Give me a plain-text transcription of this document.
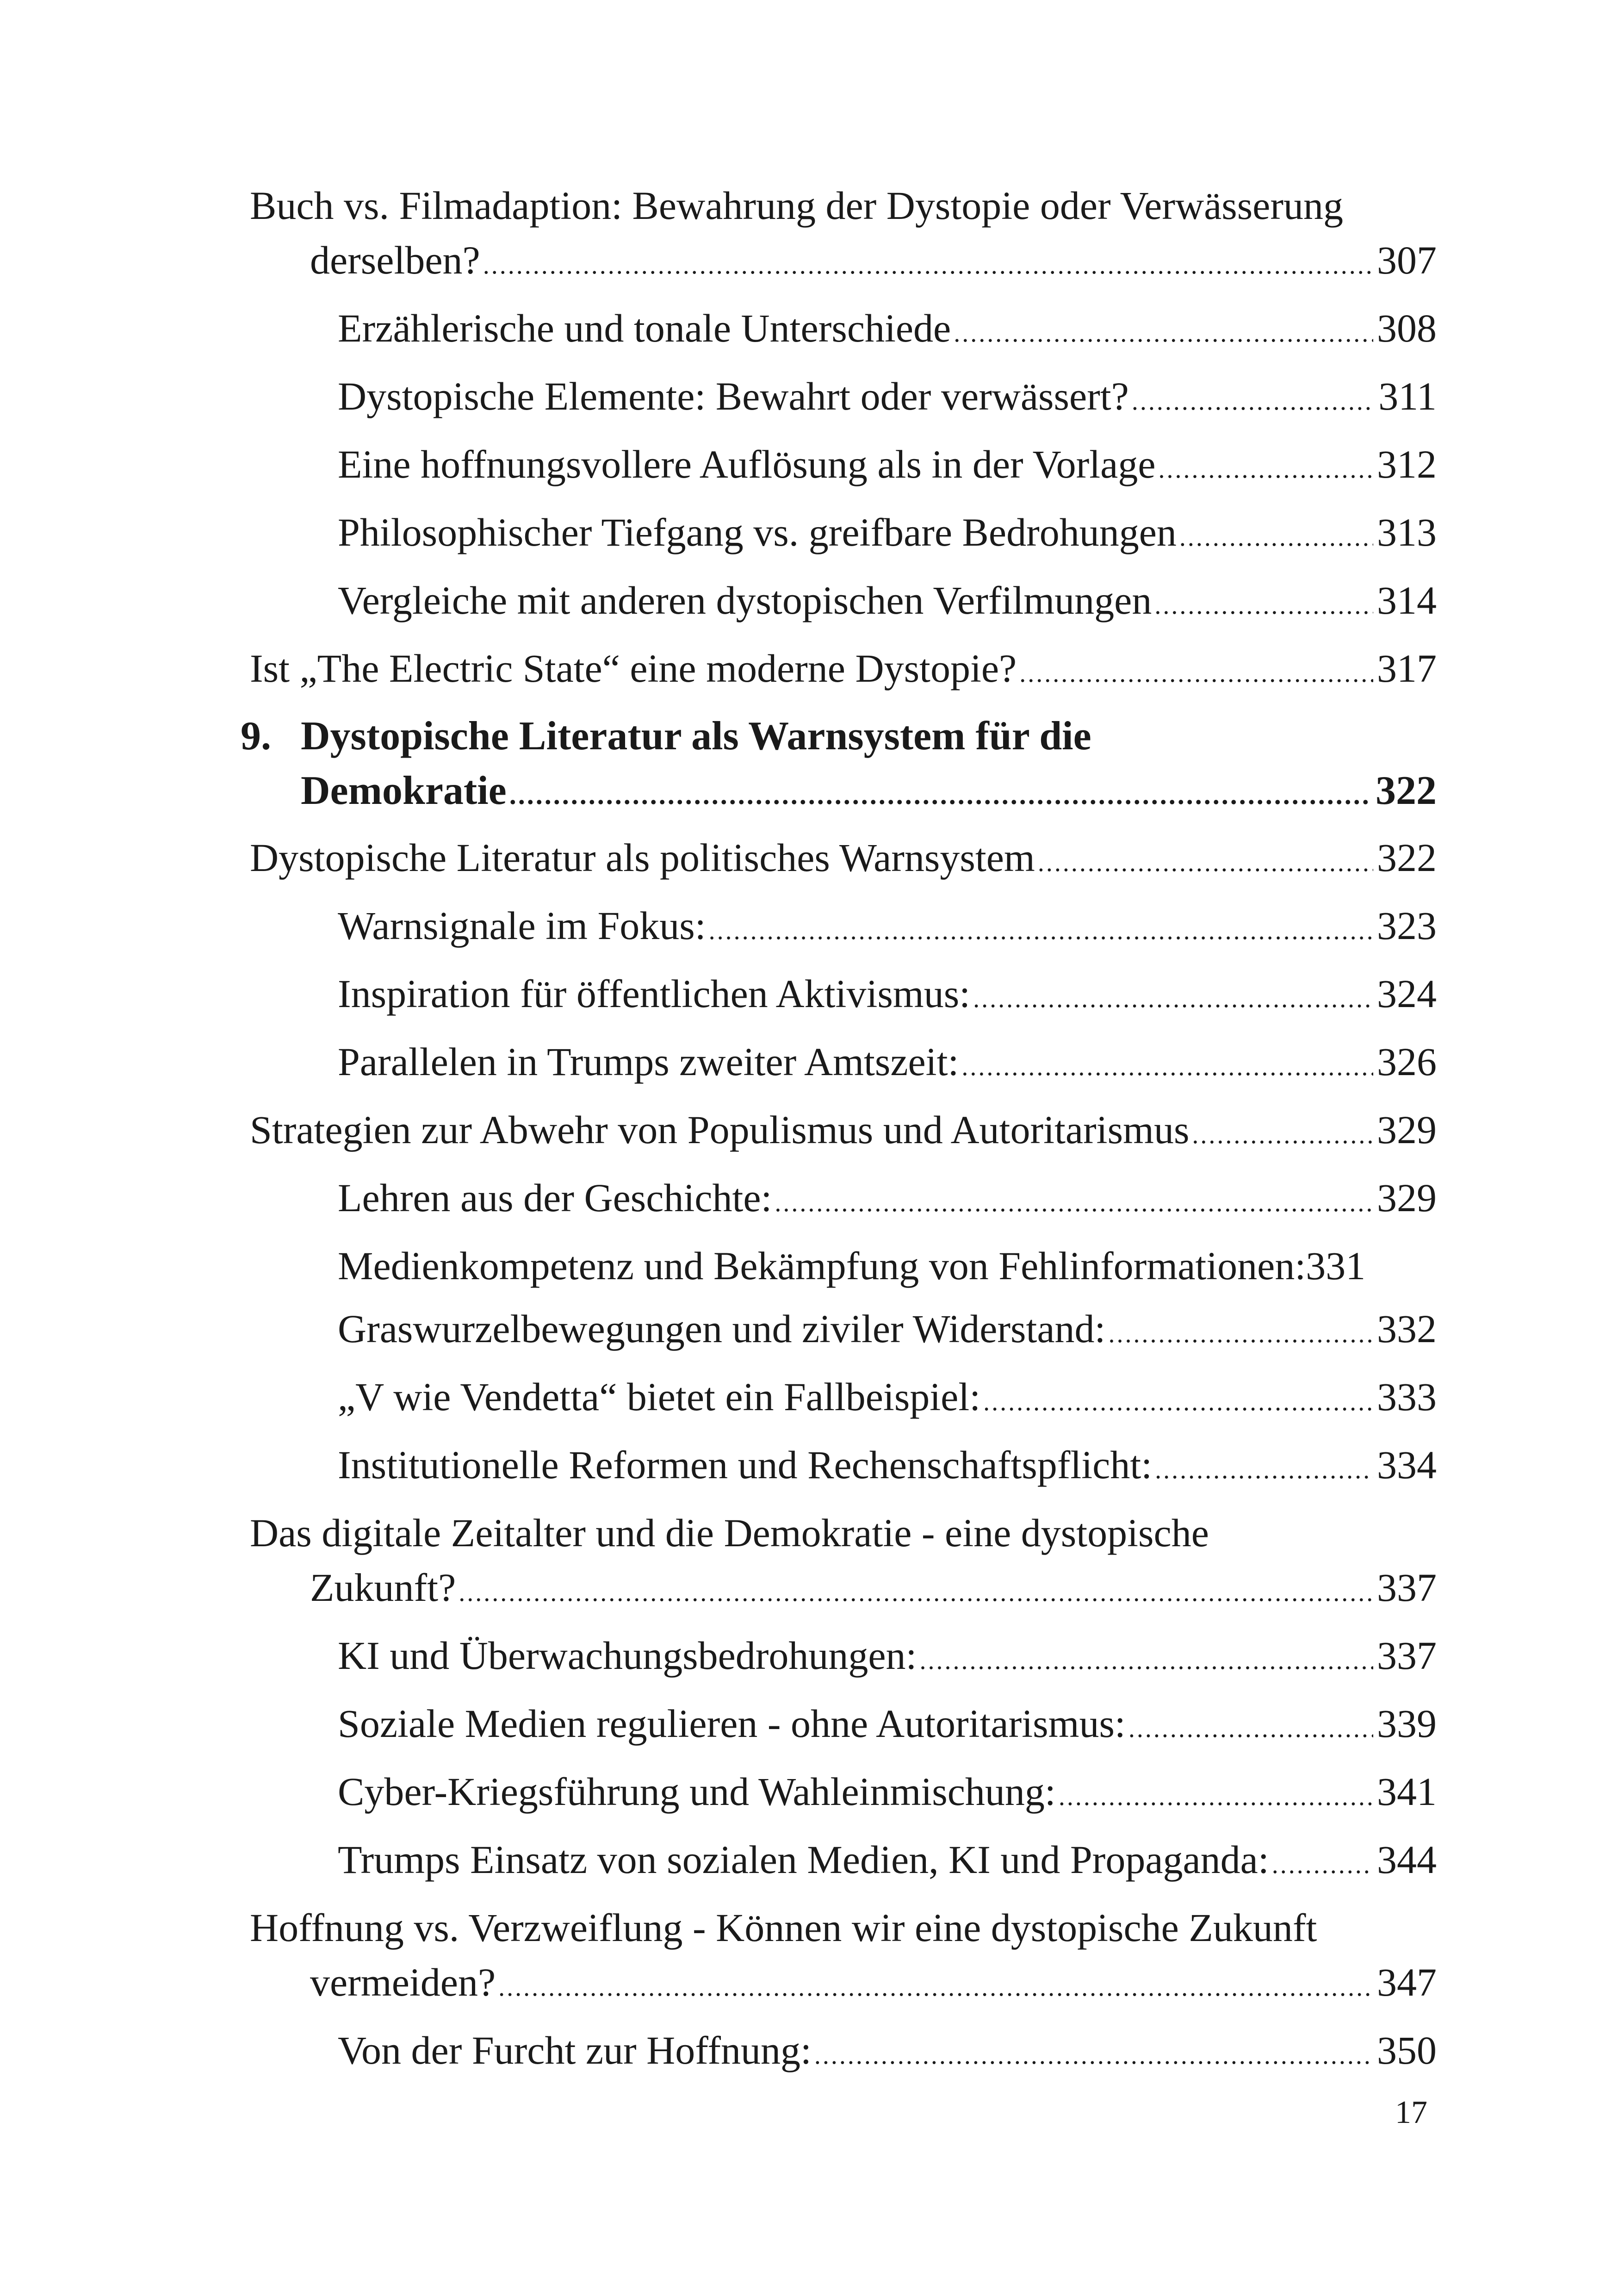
Buch vs. Filmadaption: Bewahrung der Dystopie oder Verwässerung
derselben? .....	307
Erzählerische und tonale Unterschiede .....	308
Dystopische Elemente: Bewahrt oder verwässert? .....	311
Eine hoffnungsvollere Auflösung als in der Vorlage .....	312
Philosophischer Tiefgang vs. greifbare Bedrohungen .....	313
Vergleiche mit anderen dystopischen Verfilmungen .....	314
Ist „The Electric State“ eine moderne Dystopie? .....	317
9. Dystopische Literatur als Warnsystem für die
Demokratie .....	322
Dystopische Literatur als politisches Warnsystem .....	322
Warnsignale im Fokus: .....	323
Inspiration für öffentlichen Aktivismus: .....	324
Parallelen in Trumps zweiter Amtszeit: .....	326
Strategien zur Abwehr von Populismus und Autoritarismus .....	329
Lehren aus der Geschichte: .....	329
Medienkompetenz und Bekämpfung von Fehlinformationen: 331
Graswurzelbewegungen und ziviler Widerstand: .....	332
„V wie Vendetta“ bietet ein Fallbeispiel: .....	333
Institutionelle Reformen und Rechenschaftspflicht: .....	334
Das digitale Zeitalter und die Demokratie - eine dystopische
Zukunft? .....	337
KI und Überwachungsbedrohungen: .....	337
Soziale Medien regulieren - ohne Autoritarismus: .....	339
Cyber-Kriegsführung und Wahleinmischung: .....	341
Trumps Einsatz von sozialen Medien, KI und Propaganda: .....	344
Hoffnung vs. Verzweiflung - Können wir eine dystopische Zukunft
vermeiden? .....	347
Von der Furcht zur Hoffnung: .....	350
17
